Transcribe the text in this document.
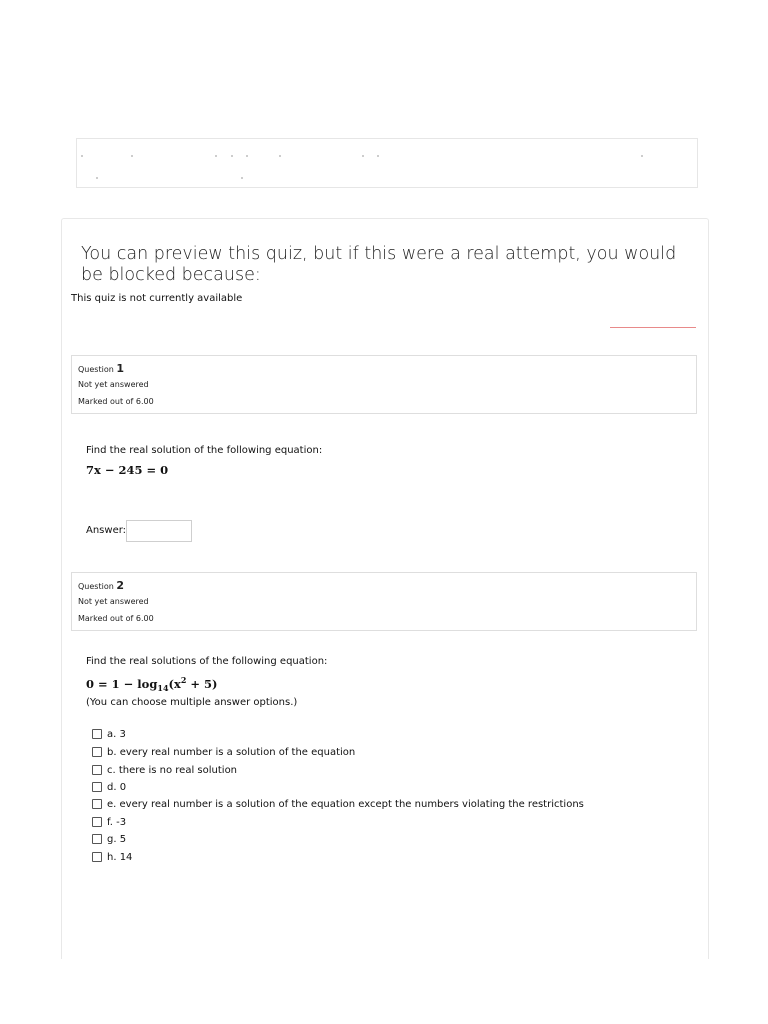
You can preview this quiz, but if this were a real attempt, you would be blocked because:
This quiz is not currently available
Question 1
Not yet answered
Marked out of 6.00
Find the real solution of the following equation:
7x − 245 = 0
Answer:
Question 2
Not yet answered
Marked out of 6.00
Find the real solutions of the following equation:
$0 = 1 - \log_{14}(x^2 + 5)$
(You can choose multiple answer options.)
a. 3
b. every real number is a solution of the equation
c. there is no real solution
d. 0
e. every real number is a solution of the equation except the numbers violating the restrictions
f. -3
g. 5
h. 14
